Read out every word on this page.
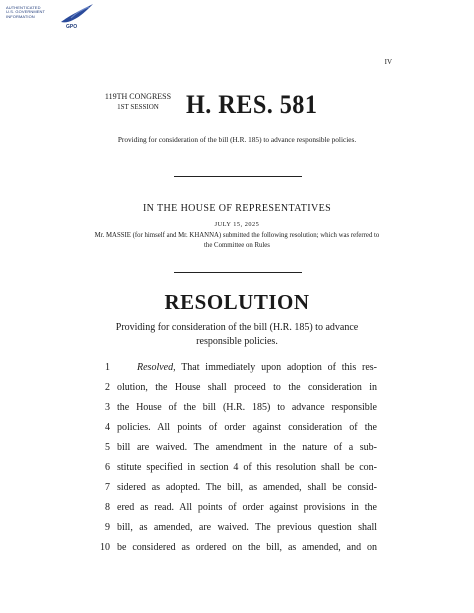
AUTHENTICATED
U.S. GOVERNMENT
INFORMATION
GPO
IV
119TH CONGRESS
1ST SESSION	H. RES. 581
Providing for consideration of the bill (H.R. 185) to advance responsible policies.
IN THE HOUSE OF REPRESENTATIVES
JULY 15, 2025
Mr. MASSIE (for himself and Mr. KHANNA) submitted the following resolution; which was referred to the Committee on Rules
RESOLUTION
Providing for consideration of the bill (H.R. 185) to advance responsible policies.
1	Resolved, That immediately upon adoption of this res-
2 olution, the House shall proceed to the consideration in
3 the House of the bill (H.R. 185) to advance responsible
4 policies. All points of order against consideration of the
5 bill are waived. The amendment in the nature of a sub-
6 stitute specified in section 4 of this resolution shall be con-
7 sidered as adopted. The bill, as amended, shall be consid-
8 ered as read. All points of order against provisions in the
9 bill, as amended, are waived. The previous question shall
10 be considered as ordered on the bill, as amended, and on
